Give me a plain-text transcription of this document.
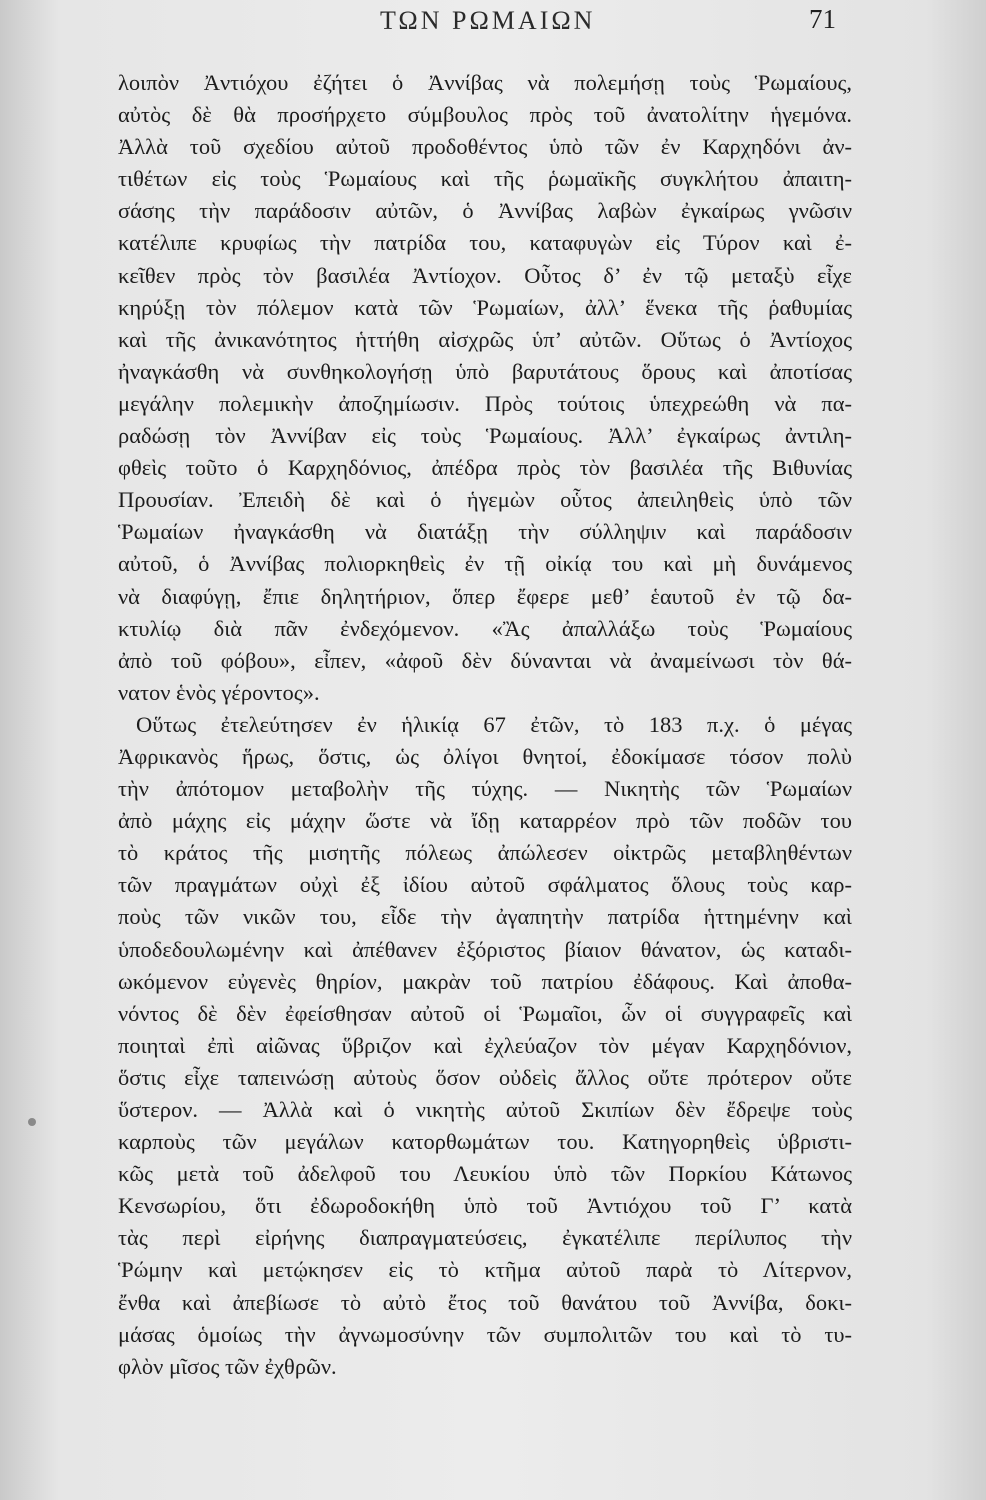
ΤΩΝ ΡΩΜΑΙΩΝ	71
λοιπὸν Ἀντιόχου ἐζήτει ὁ Ἀννίβας νὰ πολεμήσῃ τοὺς Ῥωμαίους,
αὐτὸς δὲ θὰ προσήρχετο σύμβουλος πρὸς τοῦ ἀνατολίτην ἡγεμόνα.
Ἀλλὰ τοῦ σχεδίου αὐτοῦ προδοθέντος ὑπὸ τῶν ἐν Καρχηδόνι ἀν-
τιθέτων εἰς τοὺς Ῥωμαίους καὶ τῆς ῥωμαϊκῆς συγκλήτου ἀπαιτη-
σάσης τὴν παράδοσιν αὐτῶν, ὁ Ἀννίβας λαβὼν ἐγκαίρως γνῶσιν
κατέλιπε κρυφίως τὴν πατρίδα του, καταφυγὼν εἰς Τύρον καὶ ἐ-
κεῖθεν πρὸς τὸν βασιλέα Ἀντίοχον. Οὗτος δ’ ἐν τῷ μεταξὺ εἶχε
κηρύξῃ τὸν πόλεμον κατὰ τῶν Ῥωμαίων, ἀλλ’ ἕνεκα τῆς ῥαθυμίας
καὶ τῆς ἀνικανότητος ἡττήθη αἰσχρῶς ὑπ’ αὐτῶν. Οὕτως ὁ Ἀντίοχος
ἠναγκάσθη νὰ συνθηκολογήσῃ ὑπὸ βαρυτάτους ὅρους καὶ ἀποτίσας
μεγάλην πολεμικὴν ἀποζημίωσιν. Πρὸς τούτοις ὑπεχρεώθη νὰ πα-
ραδώσῃ τὸν Ἀννίβαν εἰς τοὺς Ῥωμαίους. Ἀλλ’ ἐγκαίρως ἀντιλη-
φθεὶς τοῦτο ὁ Καρχηδόνιος, ἀπέδρα πρὸς τὸν βασιλέα τῆς Βιθυνίας
Προυσίαν. Ἐπειδὴ δὲ καὶ ὁ ἡγεμὼν οὗτος ἀπειληθεὶς ὑπὸ τῶν
Ῥωμαίων ἠναγκάσθη νὰ διατάξῃ τὴν σύλληψιν καὶ παράδοσιν
αὐτοῦ, ὁ Ἀννίβας πολιορκηθεὶς ἐν τῇ οἰκίᾳ του καὶ μὴ δυνάμενος
νὰ διαφύγῃ, ἔπιε δηλητήριον, ὅπερ ἔφερε μεθ’ ἑαυτοῦ ἐν τῷ δα-
κτυλίῳ διὰ πᾶν ἐνδεχόμενον. «Ἂς ἀπαλλάξω τοὺς Ῥωμαίους
ἀπὸ τοῦ φόβου», εἶπεν, «ἀφοῦ δὲν δύνανται νὰ ἀναμείνωσι τὸν θά-
νατον ἑνὸς γέροντος».
Οὕτως ἐτελεύτησεν ἐν ἡλικίᾳ 67 ἐτῶν, τὸ 183 π.χ. ὁ μέγας
Ἀφρικανὸς ἥρως, ὅστις, ὡς ὀλίγοι θνητοί, ἐδοκίμασε τόσον πολὺ
τὴν ἀπότομον μεταβολὴν τῆς τύχης. — Νικητὴς τῶν Ῥωμαίων
ἀπὸ μάχης εἰς μάχην ὥστε νὰ ἴδῃ καταρρέον πρὸ τῶν ποδῶν του
τὸ κράτος τῆς μισητῆς πόλεως ἀπώλεσεν οἰκτρῶς μεταβληθέντων
τῶν πραγμάτων οὐχὶ ἐξ ἰδίου αὐτοῦ σφάλματος ὅλους τοὺς καρ-
ποὺς τῶν νικῶν του, εἶδε τὴν ἀγαπητὴν πατρίδα ἡττημένην καὶ
ὑποδεδουλωμένην καὶ ἀπέθανεν ἐξόριστος βίαιον θάνατον, ὡς καταδι-
ωκόμενον εὐγενὲς θηρίον, μακρὰν τοῦ πατρίου ἐδάφους. Καὶ ἀποθα-
νόντος δὲ δὲν ἐφείσθησαν αὐτοῦ οἱ Ῥωμαῖοι, ὧν οἱ συγγραφεῖς καὶ
ποιηταὶ ἐπὶ αἰῶνας ὕβριζον καὶ ἐχλεύαζον τὸν μέγαν Καρχηδόνιον,
ὅστις εἶχε ταπεινώσῃ αὐτοὺς ὅσον οὐδεὶς ἄλλος οὔτε πρότερον οὔτε
ὕστερον. — Ἀλλὰ καὶ ὁ νικητὴς αὐτοῦ Σκιπίων δὲν ἔδρεψε τοὺς
καρποὺς τῶν μεγάλων κατορθωμάτων του. Κατηγορηθεὶς ὑβριστι-
κῶς μετὰ τοῦ ἀδελφοῦ του Λευκίου ὑπὸ τῶν Πορκίου Κάτωνος
Κενσωρίου, ὅτι ἐδωροδοκήθη ὑπὸ τοῦ Ἀντιόχου τοῦ Γ’ κατὰ
τὰς περὶ εἰρήνης διαπραγματεύσεις, ἐγκατέλιπε περίλυπος τὴν
Ῥώμην καὶ μετῴκησεν εἰς τὸ κτῆμα αὐτοῦ παρὰ τὸ Λίτερνον,
ἔνθα καὶ ἀπεβίωσε τὸ αὐτὸ ἔτος τοῦ θανάτου τοῦ Ἀννίβα, δοκι-
μάσας ὁμοίως τὴν ἀγνωμοσύνην τῶν συμπολιτῶν του καὶ τὸ τυ-
φλὸν μῖσος τῶν ἐχθρῶν.
